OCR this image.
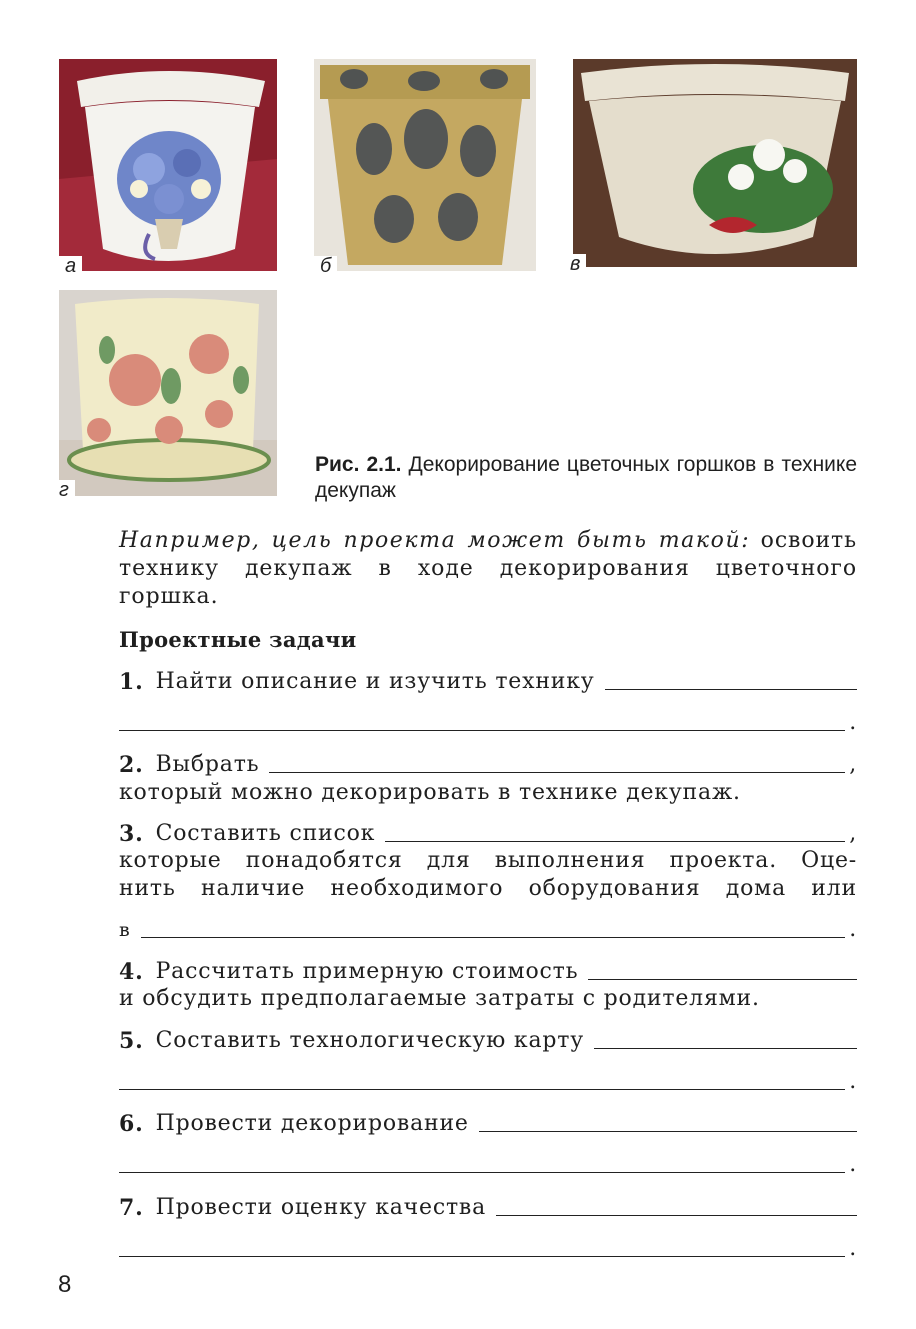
а	б	в
г
Рис. 2.1. Декорирование цветочных горшков в технике декупаж
Например, цель проекта может быть такой: освоить технику декупаж в ходе декорирования цветочного горшка.
Проектные задачи
1. Найти описание и изучить технику
.
2. Выбрать	,
который можно декорировать в технике декупаж.
3. Составить список	,
которые понадобятся для выполнения проекта. Оце-
нить наличие необходимого оборудования дома или
в	.
4. Рассчитать примерную стоимость
и обсудить предполагаемые затраты с родителями.
5. Составить технологическую карту
.
6. Провести декорирование
.
7. Провести оценку качества
.
8
